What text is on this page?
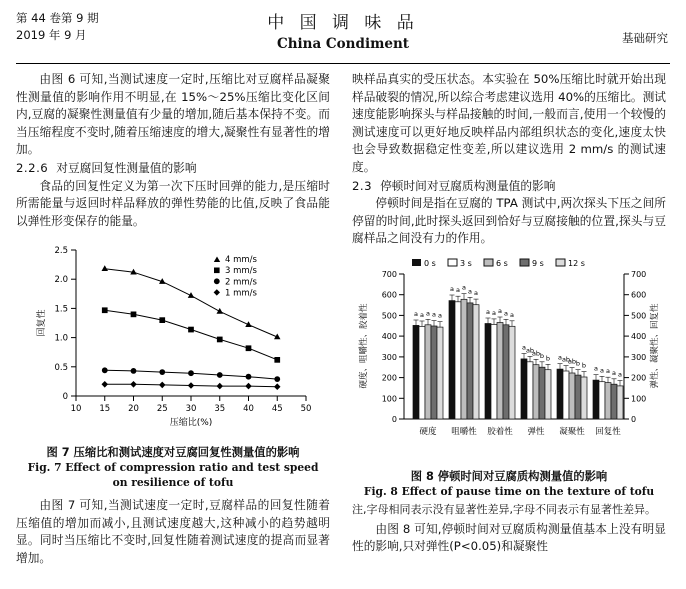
第 44 卷第 9 期
2019 年 9 月
中 国 调 味 品
China Condiment	基础研究

由图 6 可知,当测试速度一定时,压缩比对豆腐样品凝聚性测量值的影响作用不明显,在 15%～25%压缩比变化区间内,豆腐的凝聚性测量值有少量的增加,随后基本保持不变。而当压缩程度不变时,随着压缩速度的增大,凝聚性有显著性的增加。

2.2.6 对豆腐回复性测量值的影响

食品的回复性定义为第一次下压时回弹的能力,是压缩时所需能量与返回时样品释放的弹性势能的比值,反映了食品能以弹性形变保存的能量。

0
0.5
1.0
1.5
2.0
2.5
10 15 20 25 30 35 40 45 50
压缩比(%)
回复性
4 mm/s
3 mm/s
2 mm/s
1 mm/s
图 7 压缩比和测试速度对豆腐回复性测量值的影响
Fig. 7 Effect of compression ratio and test speed
on resilience of tofu

由图 7 可知,当测试速度一定时,豆腐样品的回复性随着压缩值的增加而减小,且测试速度越大,这种减小的趋势越明显。同时当压缩比不变时,回复性随着测试速度的提高而显著增加。

映样品真实的受压状态。本实验在 50%压缩比时就开始出现样品破裂的情况,所以综合考虑建议选用 40%的压缩比。测试速度能影响探头与样品接触的时间,一般而言,使用一个较慢的测试速度可以更好地反映样品内部组织状态的变化,速度太快也会导致数据稳定性变差,所以建议选用 2 mm/s 的测试速度。

2.3 停顿时间对豆腐质构测量值的影响

停顿时间是指在豆腐的 TPA 测试中,两次探头下压之间所停留的时间,此时探头返回到恰好与豆腐接触的位置,探头与豆腐样品之间没有力的作用。

0
100
200
300
400
500
600
700
0
100
200
300
400
500
600
700
硬度、咀嚼性、胶着性	弹性、凝聚性、回复性
0 s	3 s	6 s	9 s	12 s
a a a a a
a a a a a
a a a a a
a ab
ab b b a ab
ab b b a a a a a
硬度 咀嚼性 胶着性 弹性 凝聚性 回复性
图 8 停顿时间对豆腐质构测量值的影响
Fig. 8 Effect of pause time on the texture of tofu
注,字母相同表示没有显著性差异,字母不同表示有显著性差异。

由图 8 可知,停顿时间对豆腐质构测量值基本上没有明显性的影响,只对弹性(P<0.05)和凝聚性
